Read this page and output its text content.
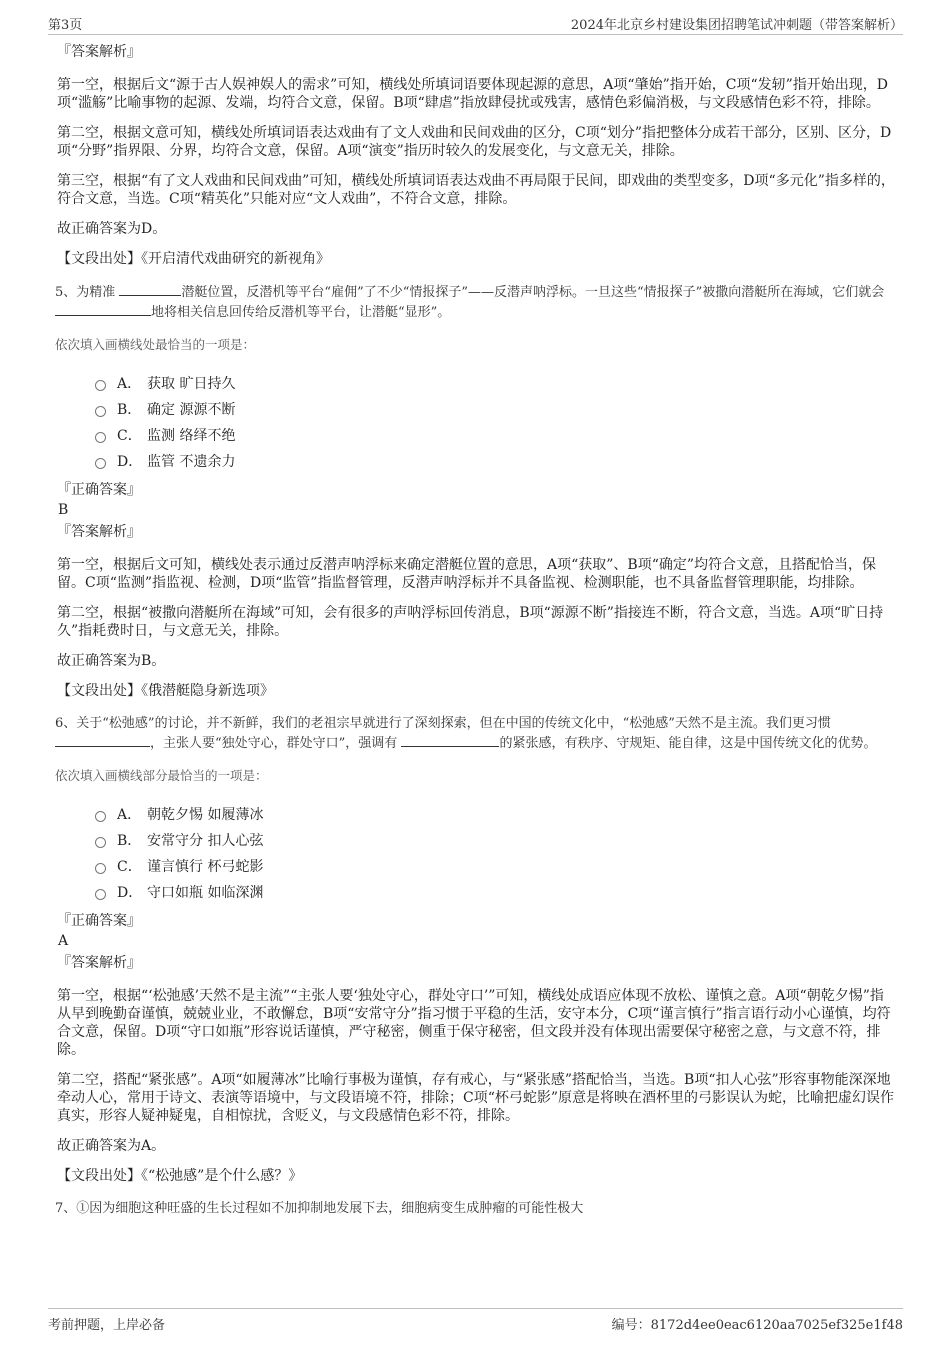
第3页	2024年北京乡村建设集团招聘笔试冲刺题（带答案解析）
『答案解析』
第一空，根据后文“源于古人娱神娱人的需求”可知，横线处所填词语要体现起源的意思，A项“肇始”指开始，C项“发轫”指开始出现，D项“滥觞”比喻事物的起源、发端，均符合文意，保留。B项“肆虐”指放肆侵扰或残害，感情色彩偏消极，与文段感情色彩不符，排除。
第二空，根据文意可知，横线处所填词语表达戏曲有了文人戏曲和民间戏曲的区分，C项“划分”指把整体分成若干部分，区别、区分，D项“分野”指界限、分界，均符合文意，保留。A项“演变”指历时较久的发展变化，与文意无关，排除。
第三空，根据“有了文人戏曲和民间戏曲”可知，横线处所填词语表达戏曲不再局限于民间，即戏曲的类型变多，D项“多元化”指多样的，符合文意，当选。C项“精英化”只能对应“文人戏曲”，不符合文意，排除。
故正确答案为D。
【文段出处】《开启清代戏曲研究的新视角》
5、为精准	潜艇位置，反潜机等平台“雇佣”了不少“情报探子”——反潜声呐浮标。一旦这些“情报探子”被撒向潜艇所在海域，它们就会 地将相关信息回传给反潜机等平台，让潜艇“显形”。
依次填入画横线处最恰当的一项是：
A． 获取 旷日持久
B． 确定 源源不断
C． 监测 络绎不绝
D． 监管 不遗余力
『正确答案』
B
『答案解析』
第一空，根据后文可知，横线处表示通过反潜声呐浮标来确定潜艇位置的意思，A项“获取”、B项“确定”均符合文意，且搭配恰当，保留。C项“监测”指监视、检测，D项“监管”指监督管理，反潜声呐浮标并不具备监视、检测职能，也不具备监督管理职能，均排除。
第二空，根据“被撒向潜艇所在海域”可知，会有很多的声呐浮标回传消息，B项“源源不断”指接连不断，符合文意，当选。A项“旷日持久”指耗费时日，与文意无关，排除。
故正确答案为B。
【文段出处】《俄潜艇隐身新选项》
6、关于“松弛感”的讨论，并不新鲜，我们的老祖宗早就进行了深刻探索，但在中国的传统文化中，“松弛感”天然不是主流。我们更习惯 ，主张人要“独处守心，群处守口”，强调有	的紧张感，有秩序、守规矩、能自律，这是中国传统文化的优势。
依次填入画横线部分最恰当的一项是：
A． 朝乾夕惕 如履薄冰
B． 安常守分 扣人心弦
C． 谨言慎行 杯弓蛇影
D． 守口如瓶 如临深渊
『正确答案』
A
『答案解析』
第一空，根据“‘松弛感’天然不是主流”“主张人要‘独处守心，群处守口’”可知，横线处成语应体现不放松、谨慎之意。A项“朝乾夕惕”指从早到晚勤奋谨慎，兢兢业业，不敢懈怠，B项“安常守分”指习惯于平稳的生活，安守本分，C项“谨言慎行”指言语行动小心谨慎，均符合文意，保留。D项“守口如瓶”形容说话谨慎，严守秘密，侧重于保守秘密，但文段并没有体现出需要保守秘密之意，与文意不符，排除。
第二空，搭配“紧张感”。A项“如履薄冰”比喻行事极为谨慎，存有戒心，与“紧张感”搭配恰当，当选。B项“扣人心弦”形容事物能深深地牵动人心，常用于诗文、表演等语境中，与文段语境不符，排除；C项“杯弓蛇影”原意是将映在酒杯里的弓影误认为蛇，比喻把虚幻误作真实，形容人疑神疑鬼，自相惊扰，含贬义，与文段感情色彩不符，排除。
故正确答案为A。
【文段出处】《“松弛感”是个什么感？》
7、①因为细胞这种旺盛的生长过程如不加抑制地发展下去，细胞病变生成肿瘤的可能性极大
考前押题，上岸必备	编号：8172d4ee0eac6120aa7025ef325e1f48
